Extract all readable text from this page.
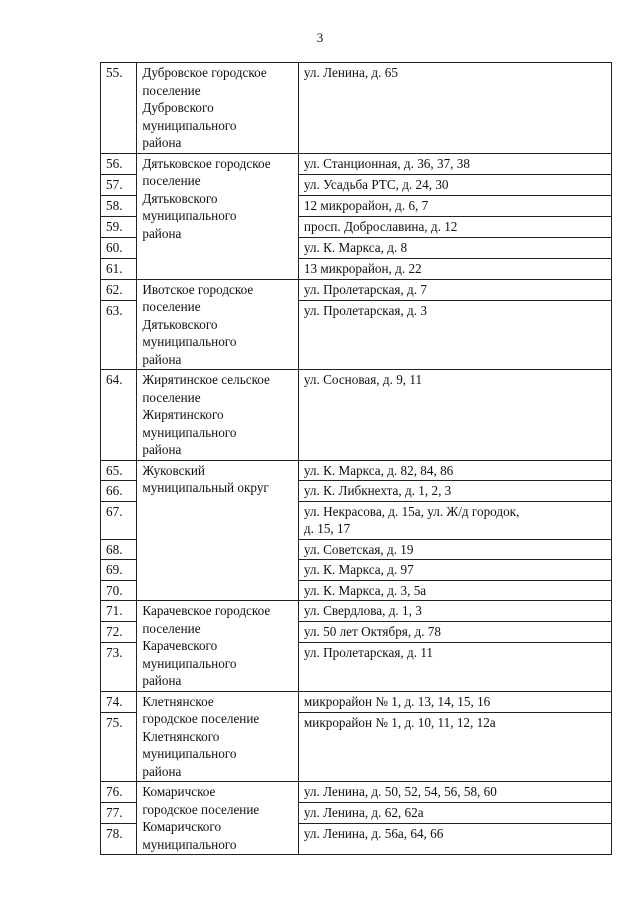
3
55.	Дубровское городское
поселение
Дубровского
муниципального
района	ул. Ленина, д. 65
56.	Дятьковское городское
поселение
Дятьковского
муниципального
района	ул. Станционная, д. 36, 37, 38
57.		ул. Усадьба РТС, д. 24, 30
58.		12 микрорайон, д. 6, 7
59.		просп. Доброславина, д. 12
60.		ул. К. Маркса, д. 8
61.		13 микрорайон, д. 22
62.	Ивотское городское
поселение
Дятьковского
муниципального
района	ул. Пролетарская, д. 7
63.		ул. Пролетарская, д. 3
64.	Жирятинское сельское
поселение
Жирятинского
муниципального
района	ул. Сосновая, д. 9, 11
65.	Жуковский
муниципальный округ	ул. К. Маркса, д. 82, 84, 86
66.		ул. К. Либкнехта, д. 1, 2, 3
67.		ул. Некрасова, д. 15а, ул. Ж/д городок,
д. 15, 17
68.		ул. Советская, д. 19
69.		ул. К. Маркса, д. 97
70.		ул. К. Маркса, д. 3, 5а
71.	Карачевское городское
поселение
Карачевского
муниципального
района	ул. Свердлова, д. 1, 3
72.		ул. 50 лет Октября, д. 78
73.		ул. Пролетарская, д. 11
74.	Клетнянское
городское поселение
Клетнянского
муниципального
района	микрорайон № 1, д. 13, 14, 15, 16
75.		микрорайон № 1, д. 10, 11, 12, 12а
76.	Комаричское
городское поселение
Комаричского
муниципального	ул. Ленина, д. 50, 52, 54, 56, 58, 60
77.		ул. Ленина, д. 62, 62а
78.		ул. Ленина, д. 56а, 64, 66
